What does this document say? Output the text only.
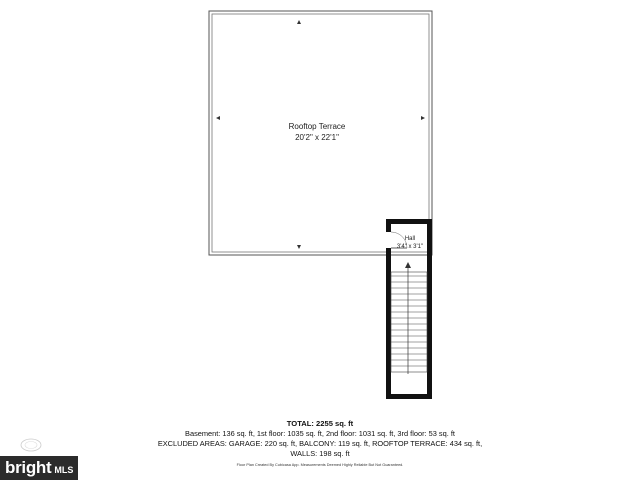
Rooftop Terrace
20'2" x 22'1"
Hall
3'4" x 3'1"
TOTAL: 2255 sq. ft
Basement: 136 sq. ft, 1st floor: 1035 sq. ft, 2nd floor: 1031 sq. ft, 3rd floor: 53 sq. ft
EXCLUDED AREAS: GARAGE: 220 sq. ft, BALCONY: 119 sq. ft, ROOFTOP TERRACE: 434 sq. ft,
WALLS: 198 sq. ft
Floor Plan Created By Cubicasa App. Measurements Deemed Highly Reliable But Not Guaranteed.
bright MLS
